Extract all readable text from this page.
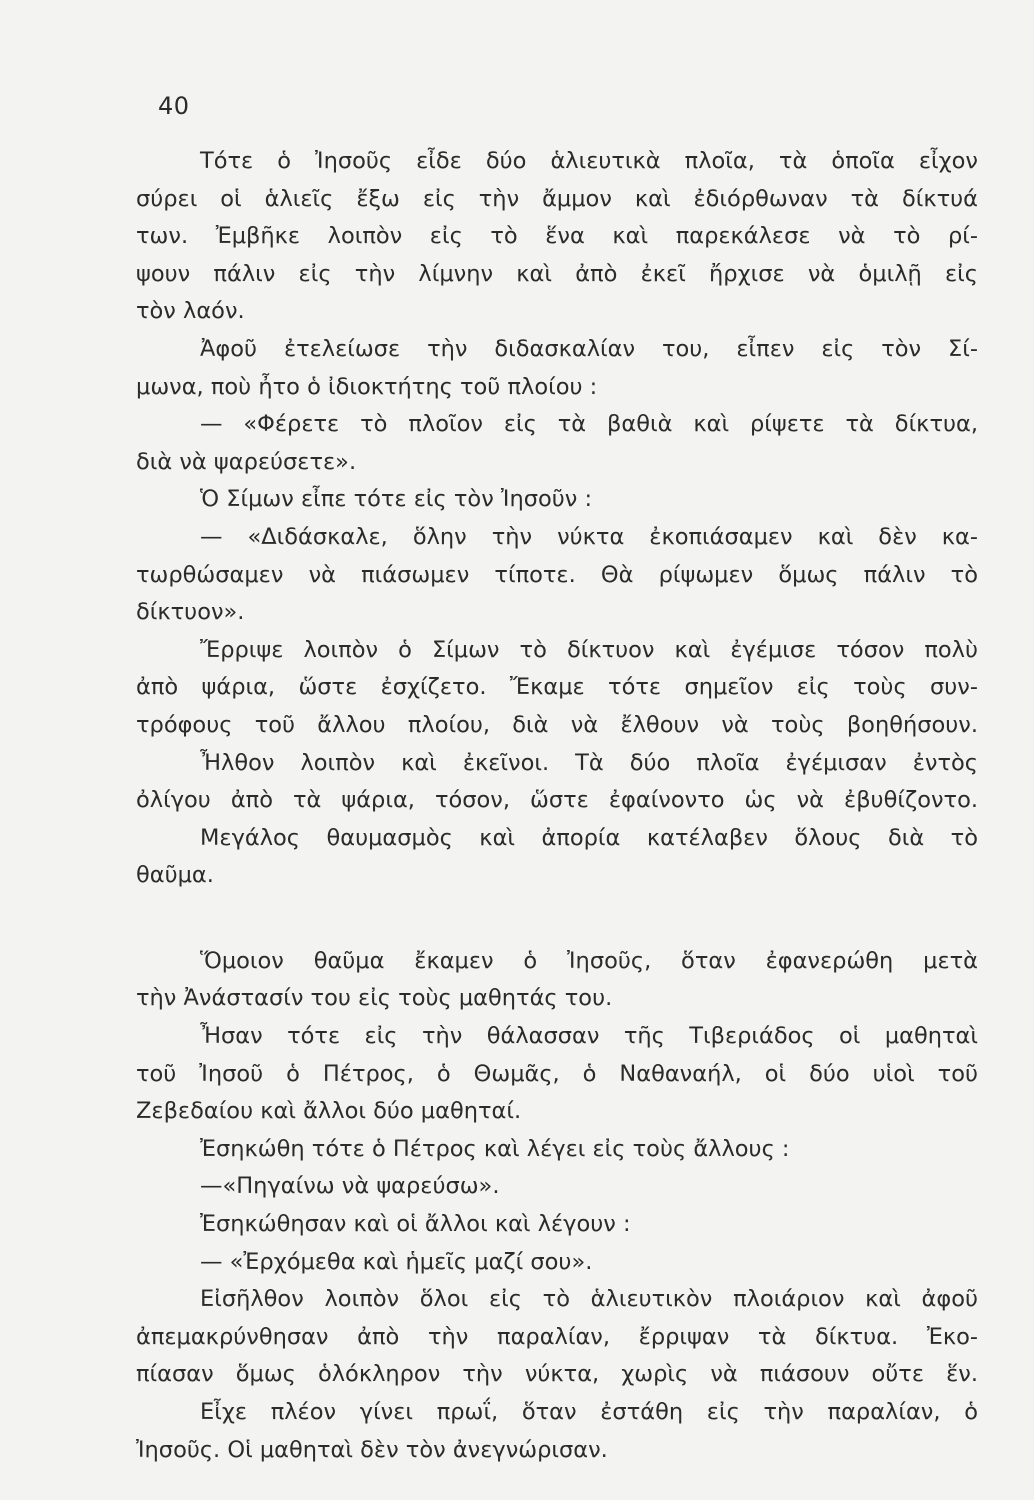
40
Τότε ὁ Ἰησοῦς εἶδε δύο ἁλιευτικὰ πλοῖα, τὰ ὁποῖα εἶχον
σύρει οἱ ἁλιεῖς ἔξω εἰς τὴν ἄμμον καὶ ἐδιόρθωναν τὰ δίκτυά
των. Ἐμβῆκε λοιπὸν εἰς τὸ ἕνα καὶ παρεκάλεσε νὰ τὸ ρί-
ψουν πάλιν εἰς τὴν λίμνην καὶ ἀπὸ ἐκεῖ ἤρχισε νὰ ὁμιλῇ εἰς
τὸν λαόν.
Ἀφοῦ ἐτελείωσε τὴν διδασκαλίαν του, εἶπεν εἰς τὸν Σί-
μωνα, ποὺ ἦτο ὁ ἰδιοκτήτης τοῦ πλοίου :
— «Φέρετε τὸ πλοῖον εἰς τὰ βαθιὰ καὶ ρίψετε τὰ δίκτυα,
διὰ νὰ ψαρεύσετε».
Ὁ Σίμων εἶπε τότε εἰς τὸν Ἰησοῦν :
— «Διδάσκαλε, ὅλην τὴν νύκτα ἐκοπιάσαμεν καὶ δὲν κα-
τωρθώσαμεν νὰ πιάσωμεν τίποτε. Θὰ ρίψωμεν ὅμως πάλιν τὸ
δίκτυον».
Ἔρριψε λοιπὸν ὁ Σίμων τὸ δίκτυον καὶ ἐγέμισε τόσον πολὺ
ἀπὸ ψάρια, ὥστε ἐσχίζετο. Ἔκαμε τότε σημεῖον εἰς τοὺς συν-
τρόφους τοῦ ἄλλου πλοίου, διὰ νὰ ἔλθουν νὰ τοὺς βοηθήσουν.
Ἦλθον λοιπὸν καὶ ἐκεῖνοι. Τὰ δύο πλοῖα ἐγέμισαν ἐντὸς
ὀλίγου ἀπὸ τὰ ψάρια, τόσον, ὥστε ἐφαίνοντο ὡς νὰ ἐβυθίζοντο.
Μεγάλος θαυμασμὸς καὶ ἀπορία κατέλαβεν ὅλους διὰ τὸ
θαῦμα.
Ὅμοιον θαῦμα ἔκαμεν ὁ Ἰησοῦς, ὅταν ἐφανερώθη μετὰ
τὴν Ἀνάστασίν του εἰς τοὺς μαθητάς του.
Ἦσαν τότε εἰς τὴν θάλασσαν τῆς Τιβεριάδος οἱ μαθηταὶ
τοῦ Ἰησοῦ ὁ Πέτρος, ὁ Θωμᾶς, ὁ Ναθαναήλ, οἱ δύο υἱοὶ τοῦ
Ζεβεδαίου καὶ ἄλλοι δύο μαθηταί.
Ἐσηκώθη τότε ὁ Πέτρος καὶ λέγει εἰς τοὺς ἄλλους :
—«Πηγαίνω νὰ ψαρεύσω».
Ἐσηκώθησαν καὶ οἱ ἄλλοι καὶ λέγουν :
— «Ἐρχόμεθα καὶ ἡμεῖς μαζί σου».
Εἰσῆλθον λοιπὸν ὅλοι εἰς τὸ ἁλιευτικὸν πλοιάριον καὶ ἀφοῦ
ἀπεμακρύνθησαν ἀπὸ τὴν παραλίαν, ἔρριψαν τὰ δίκτυα. Ἐκο-
πίασαν ὅμως ὁλόκληρον τὴν νύκτα, χωρὶς νὰ πιάσουν οὔτε ἕν.
Εἶχε πλέον γίνει πρωΐ, ὅταν ἐστάθη εἰς τὴν παραλίαν, ὁ
Ἰησοῦς. Οἱ μαθηταὶ δὲν τὸν ἀνεγνώρισαν.
